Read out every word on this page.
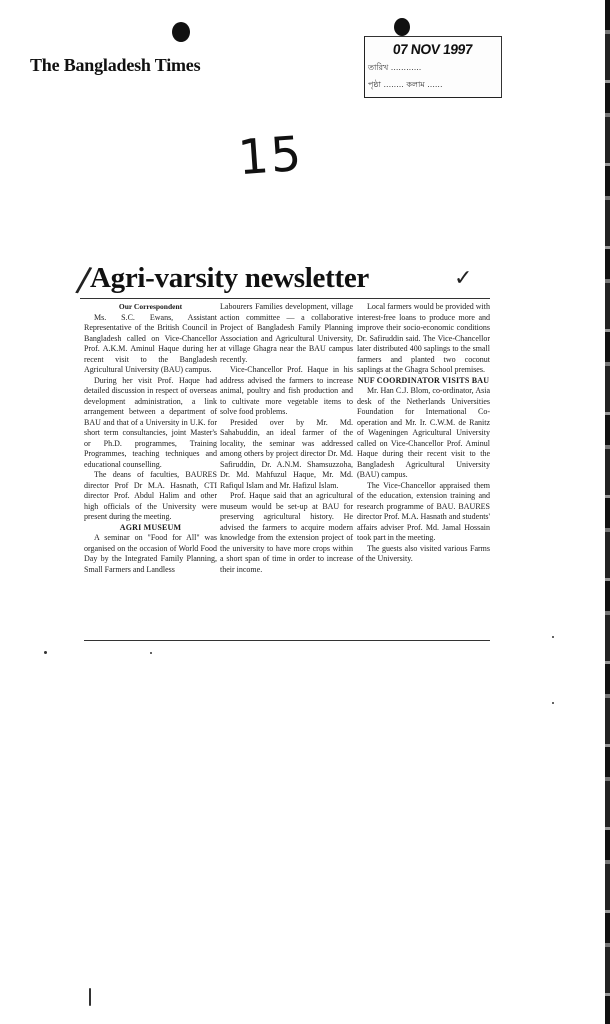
The Bangladesh Times
07 NOV 1997
তারিখ ............
পৃষ্ঠা ........ কলাম ......
15
/
Agri-varsity newsletter	✓

Our Correspondent

Ms. S.C. Ewans, Assistant Representative of the British Council in Bangladesh called on Vice-Chancellor Prof. A.K.M. Aminul Haque during her recent visit to the Bangladesh Agricultural University (BAU) campus.

During her visit Prof. Haque had detailed discussion in respect of overseas development administration, a link arrangement between a department of BAU and that of a University in U.K. for short term consultancies, joint Master's or Ph.D. programmes, Training Programmes, teaching techniques and educational counselling.

The deans of faculties, BAURES director Prof Dr M.A. Hasnath, CTI director Prof. Abdul Halim and other high officials of the University were present during the meeting.

AGRI MUSEUM

A seminar on "Food for All" was organised on the occasion of World Food Day by the Integrated Family Planning, Small Farmers and Landless

Labourers Families development, village action committee — a collaborative Project of Bangladesh Family Planning Association and Agricultural University, at village Ghagra near the BAU campus recently.

Vice-Chancellor Prof. Haque in his address advised the farmers to increase animal, poultry and fish production and to cultivate more vegetable items to solve food problems.

Presided over by Mr. Md. Sahabuddin, an ideal farmer of the locality, the seminar was addressed among others by project director Dr. Md. Safiruddin, Dr. A.N.M. Shamsuzzoha, Dr. Md. Mahfuzul Haque, Mr. Md. Rafiqul Islam and Mr. Hafizul Islam.

Prof. Haque said that an agricultural museum would be set-up at BAU for preserving agricultural history. He advised the farmers to acquire modern knowledge from the extension project of the university to have more crops within a short span of time in order to increase their income.

Local farmers would be provided with interest-free loans to produce more and improve their socio-economic conditions Dr. Safiruddin said. The Vice-Chancellor later distributed 400 saplings to the small farmers and planted two coconut saplings at the Ghagra School premises.

NUF COORDINATOR VISITS BAU

Mr. Han C.J. Blom, co-ordinator, Asia desk of the Netherlands Universities Foundation for International Co-operation and Mr. Ir. C.W.M. de Ranitz of Wageningen Agricultural University called on Vice-Chancellor Prof. Aminul Haque during their recent visit to the Bangladesh Agricultural University (BAU) campus.

The Vice-Chancellor appraised them of the education, extension training and research programme of BAU. BAURES director Prof. M.A. Hasnath and students' affairs adviser Prof. Md. Jamal Hossain took part in the meeting.

The guests also visited various Farms of the University.
